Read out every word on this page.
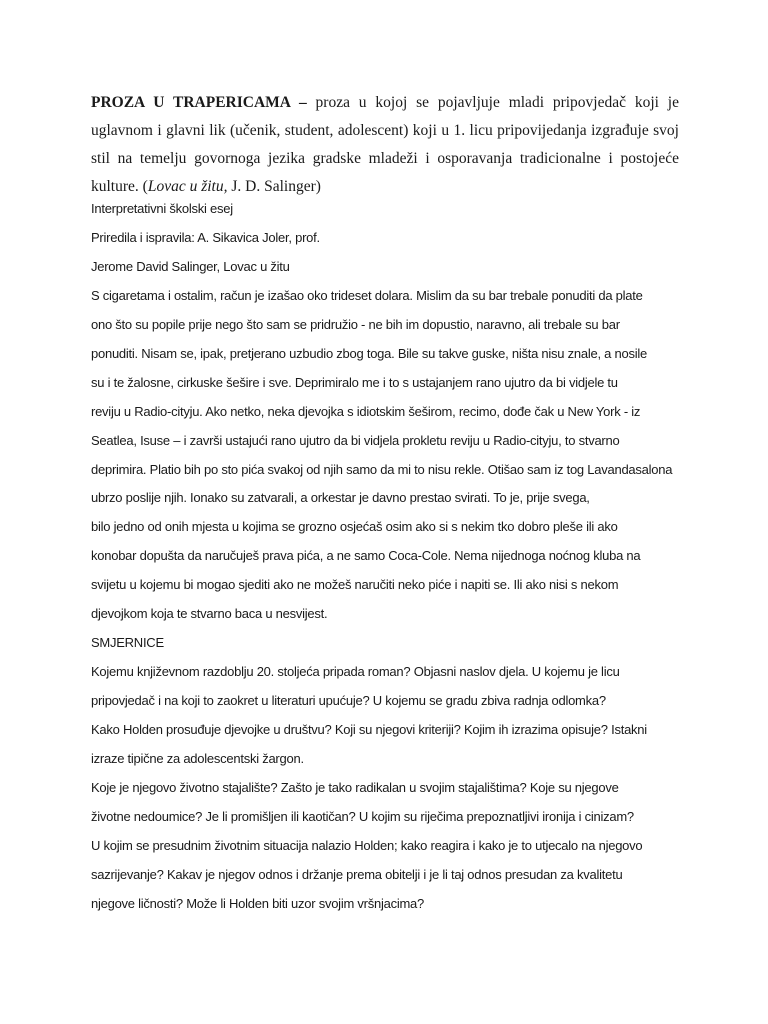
PROZA U TRAPERICAMA – proza u kojoj se pojavljuje mladi pripovjedač koji je uglavnom i glavni lik (učenik, student, adolescent) koji u 1. licu pripovijedanja izgrađuje svoj stil na temelju govornoga jezika gradske mladeži i osporavanja tradicionalne i postojeće kulture. (Lovac u žitu, J. D. Salinger)

Interpretativni školski esej
Priredila i ispravila: A. Sikavica Joler, prof.
Jerome David Salinger, Lovac u žitu
S cigaretama i ostalim, račun je izašao oko trideset dolara. Mislim da su bar trebale ponuditi da plate
ono što su popile prije nego što sam se pridružio - ne bih im dopustio, naravno, ali trebale su bar
ponuditi. Nisam se, ipak, pretjerano uzbudio zbog toga. Bile su takve guske, ništa nisu znale, a nosile
su i te žalosne, cirkuske šešire i sve. Deprimiralo me i to s ustajanjem rano ujutro da bi vidjele tu
reviju u Radio-cityju. Ako netko, neka djevojka s idiotskim šeširom, recimo, dođe čak u New York - iz
Seatlea, Isuse – i završi ustajući rano ujutro da bi vidjela prokletu reviju u Radio-cityju, to stvarno
deprimira. Platio bih po sto pića svakoj od njih samo da mi to nisu rekle. Otišao sam iz tog Lavandasalona
ubrzo poslije njih. Ionako su zatvarali, a orkestar je davno prestao svirati. To je, prije svega,
bilo jedno od onih mjesta u kojima se grozno osjećaš osim ako si s nekim tko dobro pleše ili ako
konobar dopušta da naručuješ prava pića, a ne samo Coca-Cole. Nema nijednoga noćnog kluba na
svijetu u kojemu bi mogao sjediti ako ne možeš naručiti neko piće i napiti se. Ili ako nisi s nekom
djevojkom koja te stvarno baca u nesvijest.
SMJERNICE
Kojemu književnom razdoblju 20. stoljeća pripada roman? Objasni naslov djela. U kojemu je licu
pripovjedač i na koji to zaokret u literaturi upućuje? U kojemu se gradu zbiva radnja odlomka?
Kako Holden prosuđuje djevojke u društvu? Koji su njegovi kriteriji? Kojim ih izrazima opisuje? Istakni
izraze tipične za adolescentski žargon.
Koje je njegovo životno stajalište? Zašto je tako radikalan u svojim stajalištima? Koje su njegove
životne nedoumice? Je li promišljen ili kaotičan? U kojim su riječima prepoznatljivi ironija i cinizam?
U kojim se presudnim životnim situacija nalazio Holden; kako reagira i kako je to utjecalo na njegovo
sazrijevanje? Kakav je njegov odnos i držanje prema obitelji i je li taj odnos presudan za kvalitetu
njegove ličnosti? Može li Holden biti uzor svojim vršnjacima?
